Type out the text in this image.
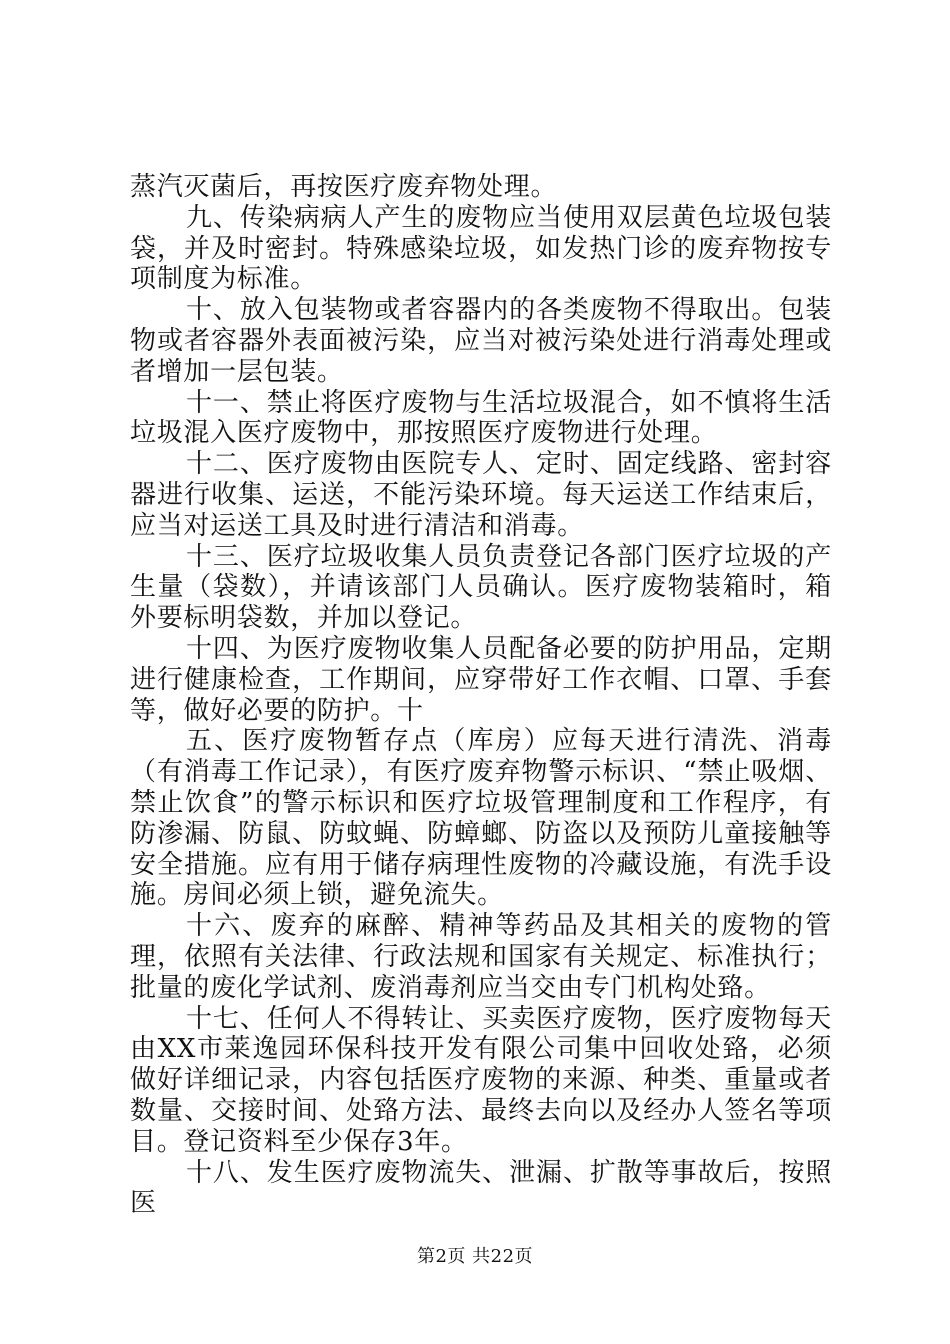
蒸汽灭菌后，再按医疗废弃物处理。

九、传染病病人产生的废物应当使用双层黄色垃圾包装袋，并及时密封。特殊感染垃圾，如发热门诊的废弃物按专项制度为标准。

十、放入包装物或者容器内的各类废物不得取出。包装物或者容器外表面被污染，应当对被污染处进行消毒处理或者增加一层包装。

十一、禁止将医疗废物与生活垃圾混合，如不慎将生活垃圾混入医疗废物中，那按照医疗废物进行处理。

十二、医疗废物由医院专人、定时、固定线路、密封容器进行收集、运送，不能污染环境。每天运送工作结束后，应当对运送工具及时进行清洁和消毒。

十三、医疗垃圾收集人员负责登记各部门医疗垃圾的产生量（袋数），并请该部门人员确认。医疗废物装箱时，箱外要标明袋数，并加以登记。

十四、为医疗废物收集人员配备必要的防护用品，定期进行健康检查，工作期间，应穿带好工作衣帽、口罩、手套等，做好必要的防护。十

五、医疗废物暂存点（库房）应每天进行清洗、消毒（有消毒工作记录），有医疗废弃物警示标识、“禁止吸烟、禁止饮食”的警示标识和医疗垃圾管理制度和工作程序，有防渗漏、防鼠、防蚊蝇、防蟑螂、防盗以及预防儿童接触等安全措施。应有用于储存病理性废物的冷藏设施，有洗手设施。房间必须上锁，避免流失。

十六、废弃的麻醉、精神等药品及其相关的废物的管理，依照有关法律、行政法规和国家有关规定、标准执行；批量的废化学试剂、废消毒剂应当交由专门机构处臵。

十七、任何人不得转让、买卖医疗废物，医疗废物每天由XX市莱逸园环保科技开发有限公司集中回收处臵，必须做好详细记录，内容包括医疗废物的来源、种类、重量或者数量、交接时间、处臵方法、最终去向以及经办人签名等项目。登记资料至少保存3年。

十八、发生医疗废物流失、泄漏、扩散等事故后，按照医

第2页 共22页
